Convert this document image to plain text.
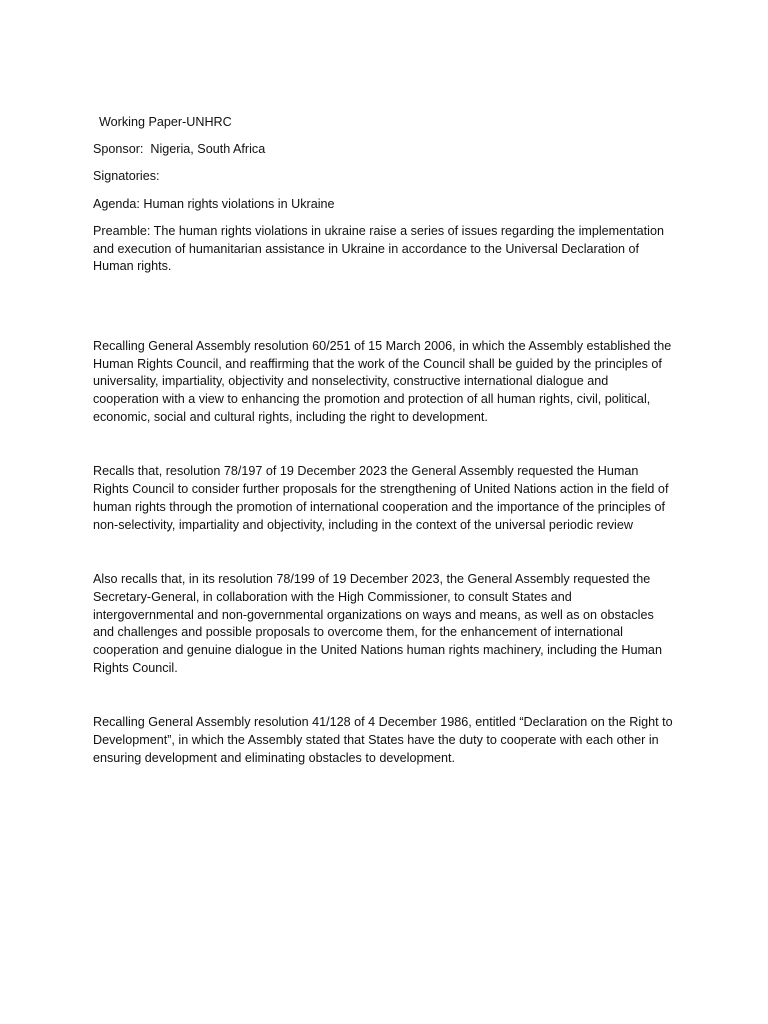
Working Paper-UNHRC
Sponsor:  Nigeria, South Africa
Signatories:
Agenda: Human rights violations in Ukraine

Preamble: The human rights violations in ukraine raise a series of issues regarding the implementation and execution of humanitarian assistance in Ukraine in accordance to the Universal Declaration of Human rights.

Recalling General Assembly resolution 60/251 of 15 March 2006, in which the Assembly established the Human Rights Council, and reaffirming that the work of the Council shall be guided by the principles of universality, impartiality, objectivity and nonselectivity, constructive international dialogue and cooperation with a view to enhancing the promotion and protection of all human rights, civil, political, economic, social and cultural rights, including the right to development.

Recalls that, resolution 78/197 of 19 December 2023 the General Assembly requested the Human Rights Council to consider further proposals for the strengthening of United Nations action in the field of human rights through the promotion of international cooperation and the importance of the principles of non-selectivity, impartiality and objectivity, including in the context of the universal periodic review

Also recalls that, in its resolution 78/199 of 19 December 2023, the General Assembly requested the Secretary-General, in collaboration with the High Commissioner, to consult States and intergovernmental and non-governmental organizations on ways and means, as well as on obstacles and challenges and possible proposals to overcome them, for the enhancement of international cooperation and genuine dialogue in the United Nations human rights machinery, including the Human Rights Council.

Recalling General Assembly resolution 41/128 of 4 December 1986, entitled “Declaration on the Right to Development”, in which the Assembly stated that States have the duty to cooperate with each other in ensuring development and eliminating obstacles to development.
